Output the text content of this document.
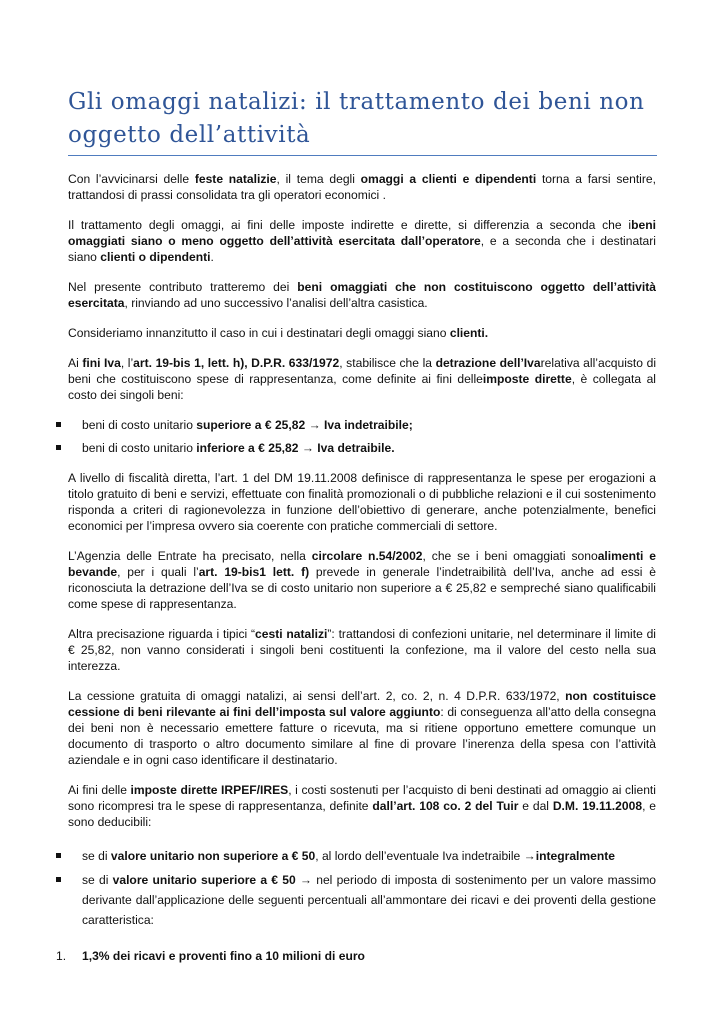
Gli omaggi natalizi: il trattamento dei beni non oggetto dell’attività

Con l’avvicinarsi delle feste natalizie, il tema degli omaggi a clienti e dipendenti torna a farsi sentire, trattandosi di prassi consolidata tra gli operatori economici .

Il trattamento degli omaggi, ai fini delle imposte indirette e dirette, si differenzia a seconda che ibeni omaggiati siano o meno oggetto dell’attività esercitata dall’operatore, e a seconda che i destinatari siano clienti o dipendenti.

Nel presente contributo tratteremo dei beni omaggiati che non costituiscono oggetto dell’attività esercitata, rinviando ad uno successivo l’analisi dell’altra casistica.

Consideriamo innanzitutto il caso in cui i destinatari degli omaggi siano clienti.

Ai fini Iva, l’art. 19-bis 1, lett. h), D.P.R. 633/1972, stabilisce che la detrazione dell’Ivarelativa all’acquisto di beni che costituiscono spese di rappresentanza, come definite ai fini delleimposte dirette, è collegata al costo dei singoli beni:

beni di costo unitario superiore a € 25,82 → Iva indetraibile;
beni di costo unitario inferiore a € 25,82 → Iva detraibile.

A livello di fiscalità diretta, l’art. 1 del DM 19.11.2008 definisce di rappresentanza le spese per erogazioni a titolo gratuito di beni e servizi, effettuate con finalità promozionali o di pubbliche relazioni e il cui sostenimento risponda a criteri di ragionevolezza in funzione dell’obiettivo di generare, anche potenzialmente, benefici economici per l’impresa ovvero sia coerente con pratiche commerciali di settore.

L’Agenzia delle Entrate ha precisato, nella circolare n.54/2002, che se i beni omaggiati sonoalimenti e bevande, per i quali l’art. 19-bis1 lett. f) prevede in generale l’indetraibilità dell’Iva, anche ad essi è riconosciuta la detrazione dell’Iva se di costo unitario non superiore a € 25,82 e sempreché siano qualificabili come spese di rappresentanza.

Altra precisazione riguarda i tipici “cesti natalizi”: trattandosi di confezioni unitarie, nel determinare il limite di € 25,82, non vanno considerati i singoli beni costituenti la confezione, ma il valore del cesto nella sua interezza.

La cessione gratuita di omaggi natalizi, ai sensi dell’art. 2, co. 2, n. 4 D.P.R. 633/1972, non costituisce cessione di beni rilevante ai fini dell’imposta sul valore aggiunto: di conseguenza all’atto della consegna dei beni non è necessario emettere fatture o ricevuta, ma si ritiene opportuno emettere comunque un documento di trasporto o altro documento similare al fine di provare l’inerenza della spesa con l’attività aziendale e in ogni caso identificare il destinatario.

Ai fini delle imposte dirette IRPEF/IRES, i costi sostenuti per l’acquisto di beni destinati ad omaggio ai clienti sono ricompresi tra le spese di rappresentanza, definite dall’art. 108 co. 2 del Tuir e dal D.M. 19.11.2008, e sono deducibili:

se di valore unitario non superiore a € 50, al lordo dell’eventuale Iva indetraibile →integralmente
se di valore unitario superiore a € 50 → nel periodo di imposta di sostenimento per un valore massimo derivante dall’applicazione delle seguenti percentuali all’ammontare dei ricavi e dei proventi della gestione caratteristica:
1. 1,3% dei ricavi e proventi fino a 10 milioni di euro
